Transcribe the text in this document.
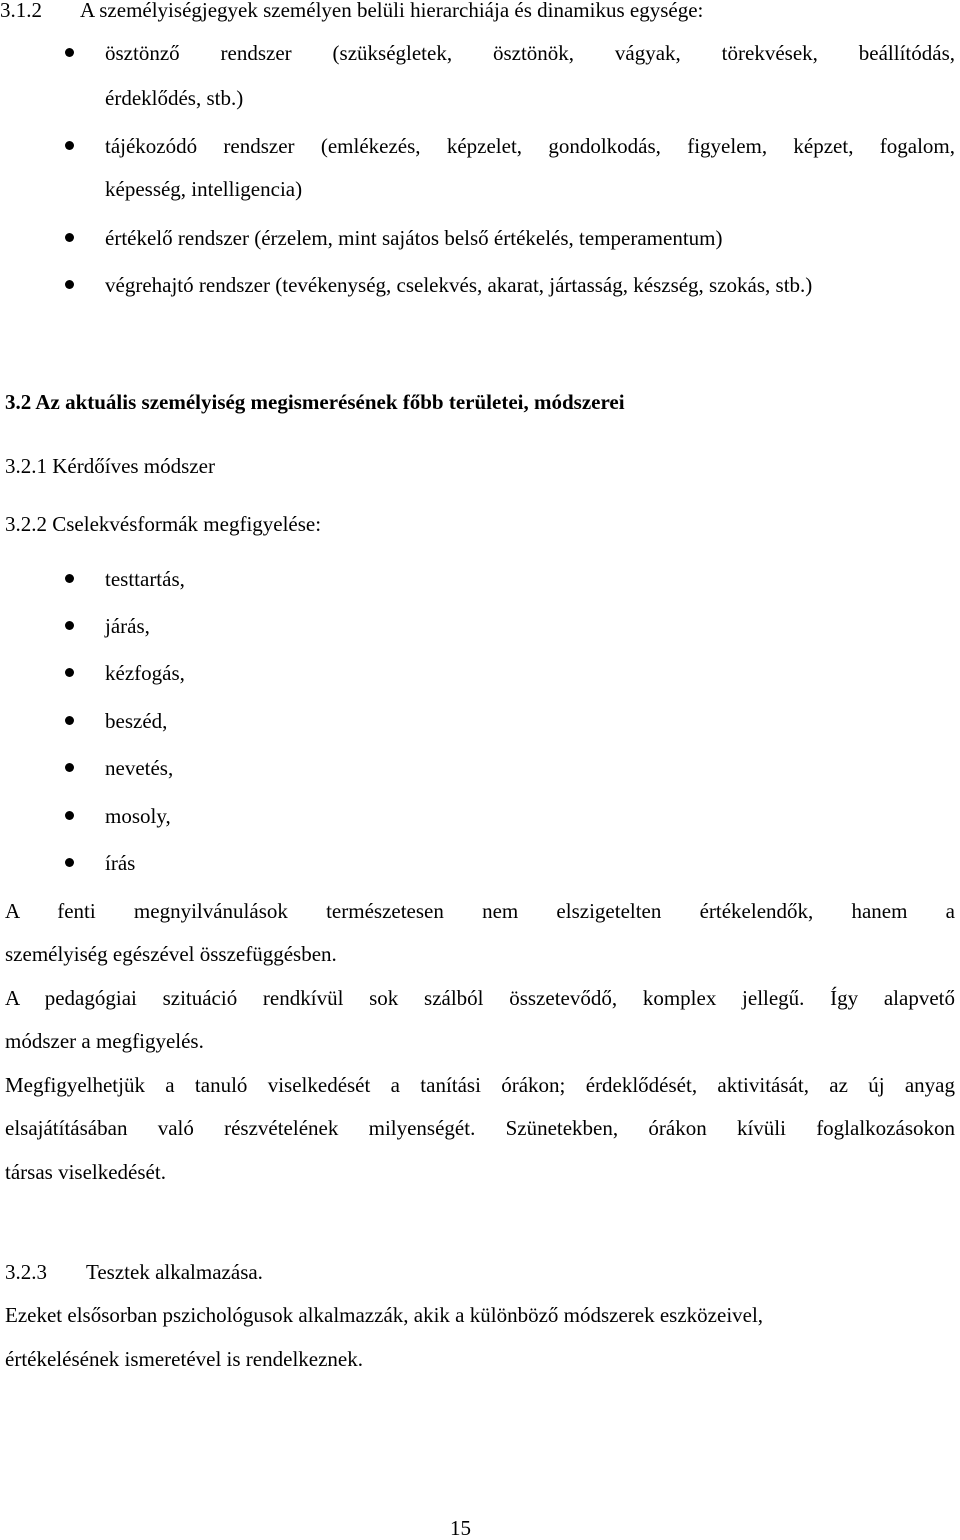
3.1.2 A személyiségjegyek személyen belüli hierarchiája és dinamikus egysége:
ösztönző rendszer (szükségletek, ösztönök, vágyak, törekvések, beállítódás,
érdeklődés, stb.)
tájékozódó rendszer (emlékezés, képzelet, gondolkodás, figyelem, képzet, fogalom,
képesség, intelligencia)
értékelő rendszer (érzelem, mint sajátos belső értékelés, temperamentum)
végrehajtó rendszer (tevékenység, cselekvés, akarat, jártasság, készség, szokás, stb.)
3.2 Az aktuális személyiség megismerésének főbb területei, módszerei
3.2.1 Kérdőíves módszer
3.2.2 Cselekvésformák megfigyelése:
testtartás,
járás,
kézfogás,
beszéd,
nevetés,
mosoly,
írás
A fenti megnyilvánulások természetesen nem elszigetelten értékelendők, hanem a
személyiség egészével összefüggésben.
A pedagógiai szituáció rendkívül sok szálból összetevődő, komplex jellegű. Így alapvető
módszer a megfigyelés.
Megfigyelhetjük a tanuló viselkedését a tanítási órákon; érdeklődését, aktivitását, az új anyag
elsajátításában való részvételének milyenségét. Szünetekben, órákon kívüli foglalkozásokon
társas viselkedését.
3.2.3 Tesztek alkalmazása.
Ezeket elsősorban pszichológusok alkalmazzák, akik a különböző módszerek eszközeivel,
értékelésének ismeretével is rendelkeznek.
15
